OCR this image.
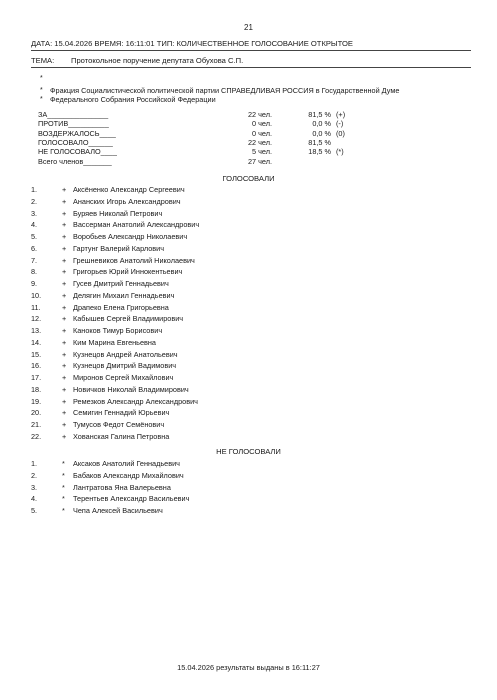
21
ДАТА: 15.04.2026 ВРЕМЯ: 16:11:01 ТИП: КОЛИЧЕСТВЕННОЕ ГОЛОСОВАНИЕ ОТКРЫТОЕ
ТЕМА: Протокольное поручение депутата Обухова С.П.
*
*
*
Фракция Социалистической политической партии СПРАВЕДЛИВАЯ РОССИЯ в Государственной Думе
Федерального Собрания Российской Федерации
ЗА_______________	22 чел.	81,5 % (+)
ПРОТИВ__________	0 чел.	0,0 % (-)
ВОЗДЕРЖАЛОСЬ____	0 чел.	0,0 % (0)
ГОЛОСОВАЛО______	22 чел.	81,5 %
НЕ ГОЛОСОВАЛО____	5 чел.	18,5 % (*)
Всего членов_______	27 чел.
ГОЛОСОВАЛИ
1.	+ Аксёненко Александр Сергеевич
2.	+ Ананских Игорь Александрович
3.	+ Буряев Николай Петрович
4.	+ Вассерман Анатолий Александрович
5.	+ Воробьев Александр Николаевич
6.	+ Гартунг Валерий Карлович
7.	+ Грешневиков Анатолий Николаевич
8.	+ Григорьев Юрий Иннокентьевич
9.	+ Гусев Дмитрий Геннадьевич
10.	+ Делягин Михаил Геннадьевич
11.	+ Драпеко Елена Григорьевна
12.	+ Кабышев Сергей Владимирович
13.	+ Каноков Тимур Борисович
14.	+ Ким Марина Евгеньевна
15.	+ Кузнецов Андрей Анатольевич
16.	+ Кузнецов Дмитрий Вадимович
17.	+ Миронов Сергей Михайлович
18.	+ Новичков Николай Владимирович
19.	+ Ремезков Александр Александрович
20.	+ Семигин Геннадий Юрьевич
21.	+ Тумусов Федот Семёнович
22.	+ Хованская Галина Петровна
НЕ ГОЛОСОВАЛИ
1.	* Аксаков Анатолий Геннадьевич
2.	* Бабаков Александр Михайлович
3.	* Лантратова Яна Валерьевна
4.	* Терентьев Александр Васильевич
5.	* Чепа Алексей Васильевич
15.04.2026 результаты выданы в 16:11:27
